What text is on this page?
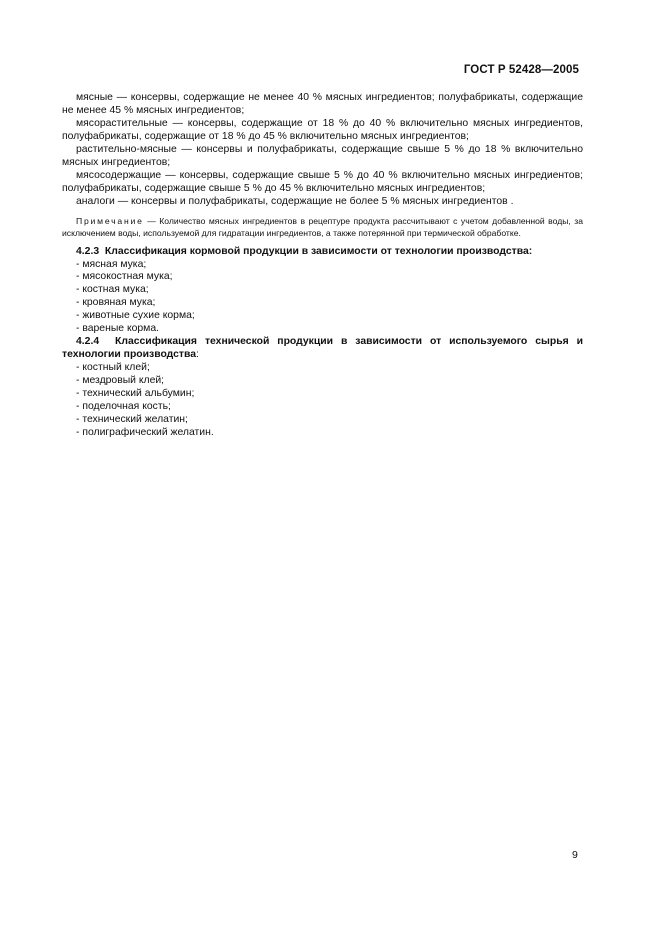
ГОСТ Р 52428—2005

мясные — консервы, содержащие не менее 40 % мясных ингредиентов; полуфабрикаты, содержащие не менее 45 % мясных ингредиентов;

мясорастительные — консервы, содержащие от 18 % до 40 % включительно мясных ингредиентов, полуфабрикаты, содержащие от 18 % до 45 % включительно мясных ингредиентов;

растительно-мясные — консервы и полуфабрикаты, содержащие свыше 5 % до 18 % включительно мясных ингредиентов;

мясосодержащие — консервы, содержащие свыше 5 % до 40 % включительно мясных ингредиентов; полуфабрикаты, содержащие свыше 5 % до 45 % включительно мясных ингредиентов;

аналоги — консервы и полуфабрикаты, содержащие не более 5 % мясных ингредиентов .

Примечание — Количество мясных ингредиентов в рецептуре продукта рассчитывают с учетом добавленной воды, за исключением воды, используемой для гидратации ингредиентов, а также потерянной при термической обработке.

4.2.3 Классификация кормовой продукции в зависимости от технологии производства:

- мясная мука;

- мясокостная мука;

- костная мука;

- кровяная мука;

- животные сухие корма;

- вареные корма.

4.2.4 Классификация технической продукции в зависимости от используемого сырья и технологии производства:

- костный клей;

- мездровый клей;

- технический альбумин;

- поделочная кость;

- технический желатин;

- полиграфический желатин.

9
